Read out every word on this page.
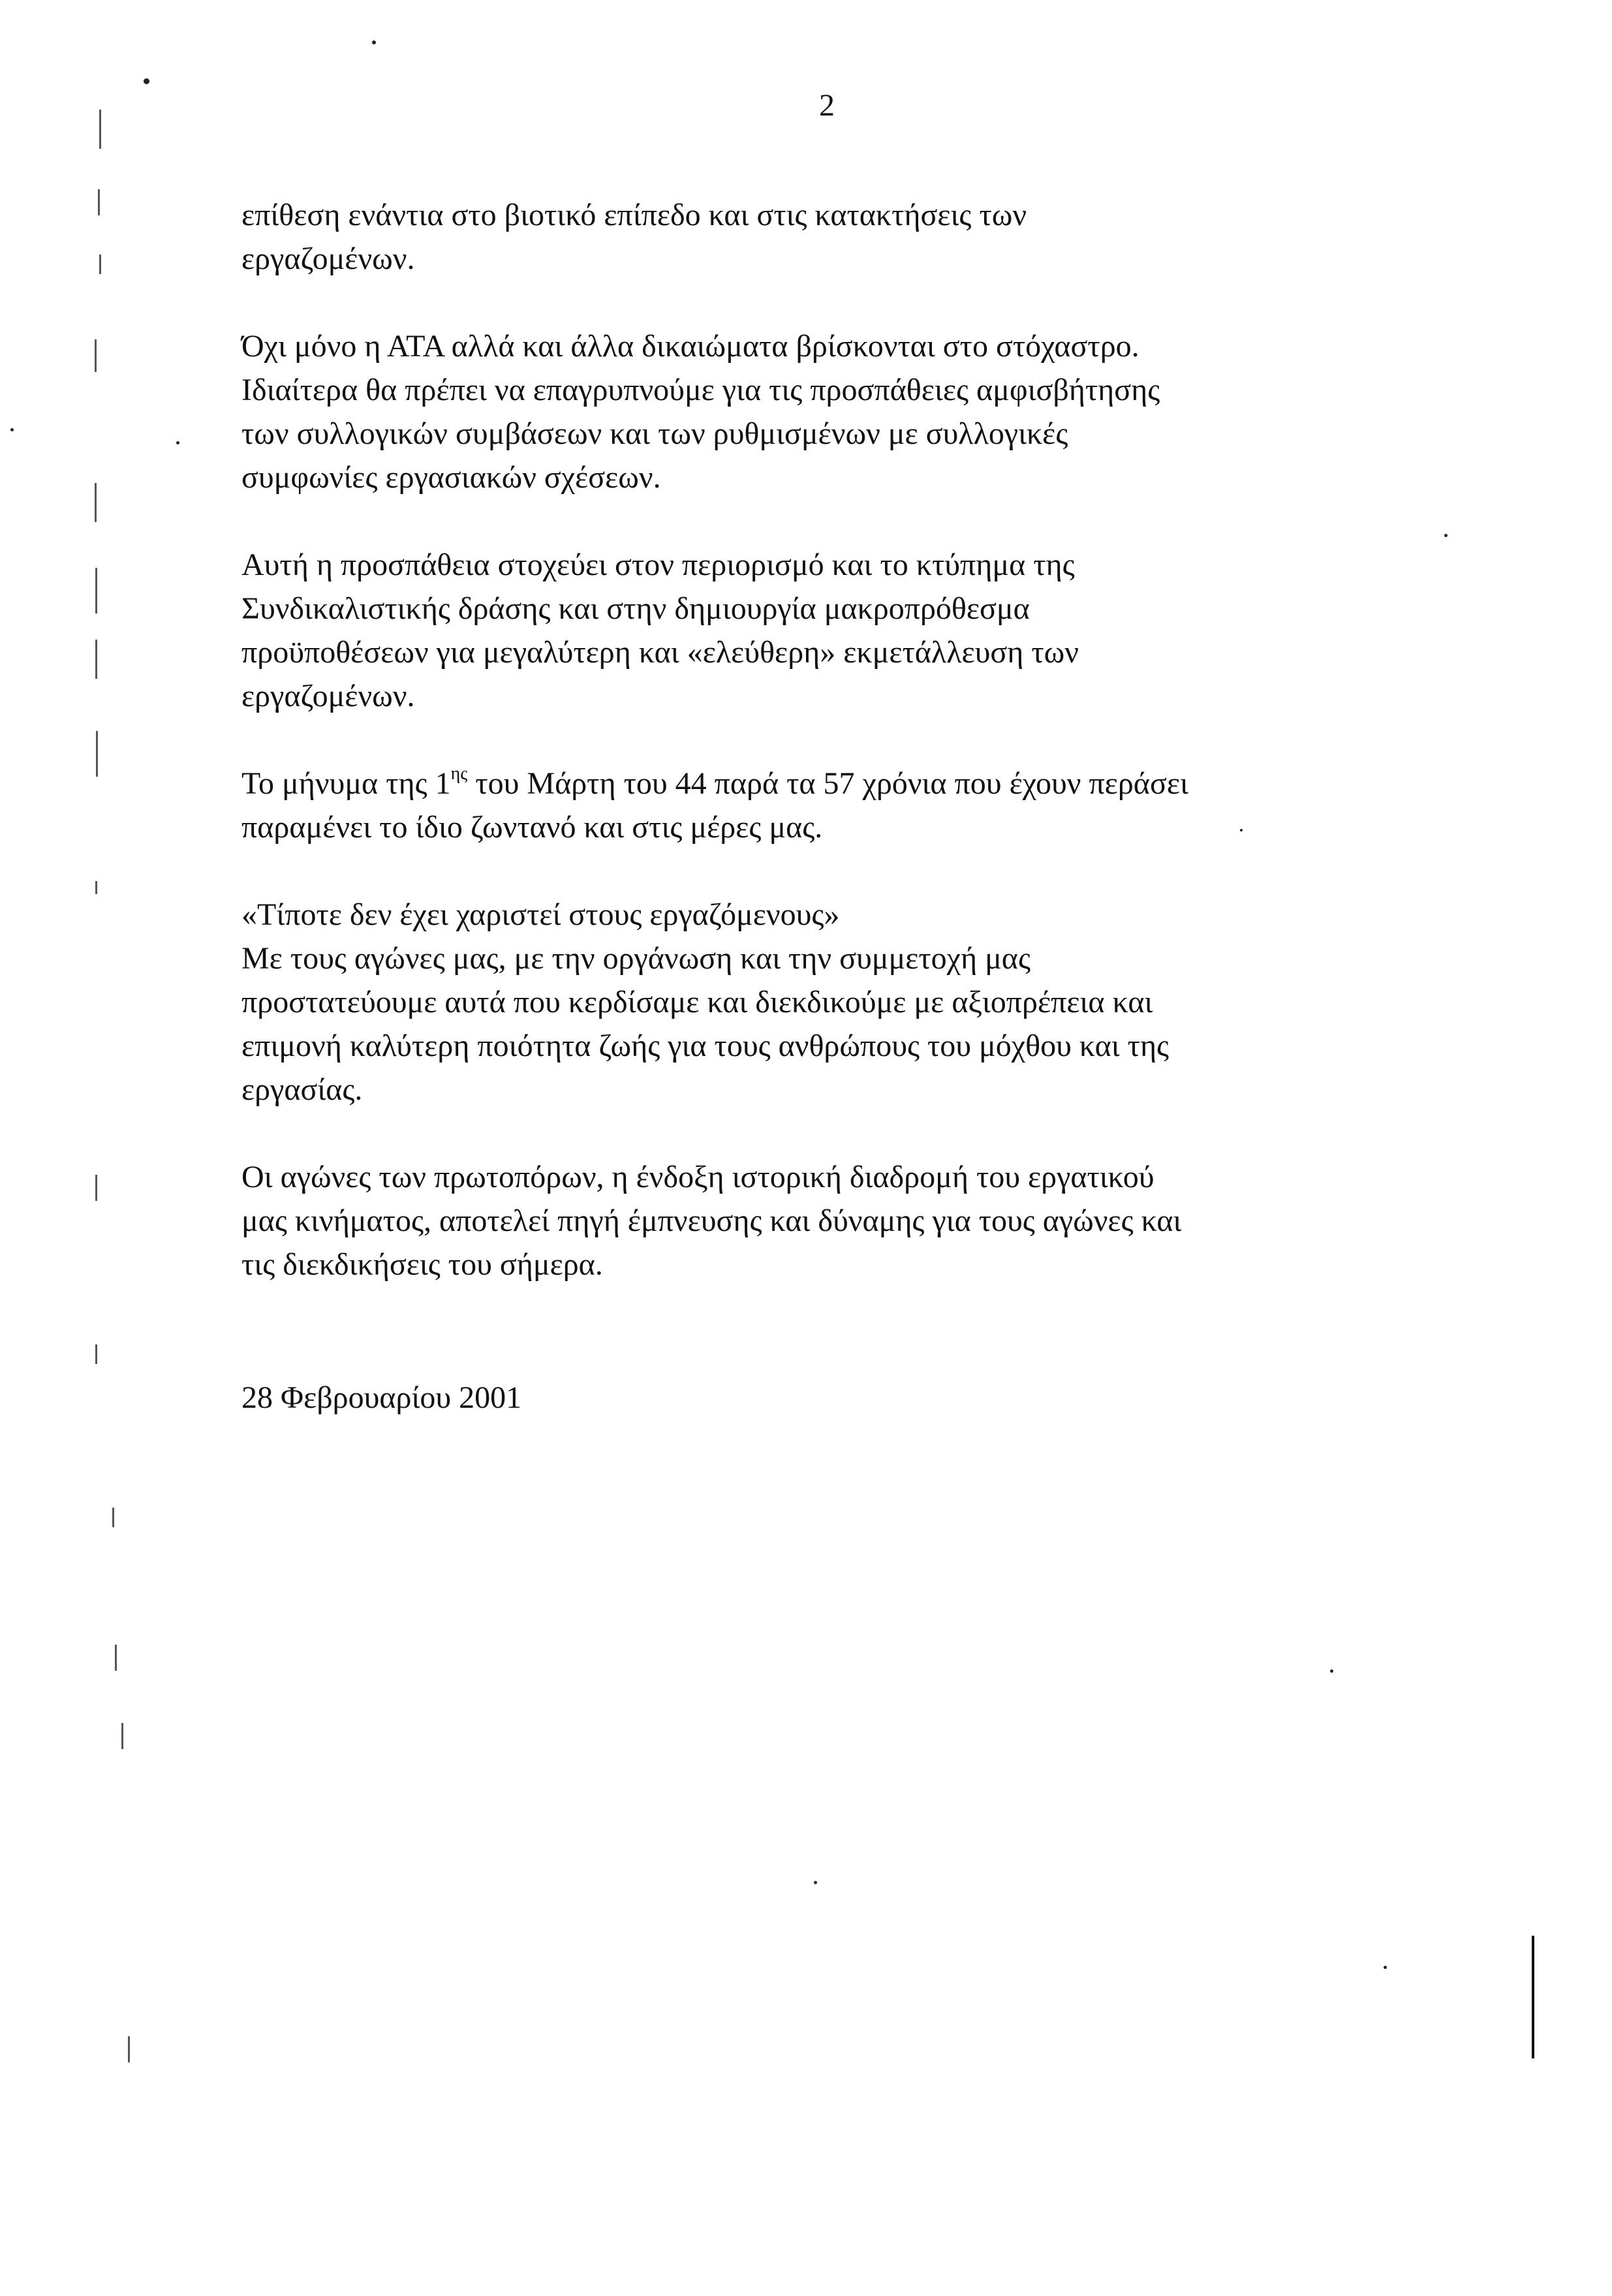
2

επίθεση ενάντια στο βιοτικό επίπεδο και στις κατακτήσεις των
εργαζομένων.

Όχι μόνο η ΑΤΑ αλλά και άλλα δικαιώματα βρίσκονται στο στόχαστρο.
Ιδιαίτερα θα πρέπει να επαγρυπνούμε για τις προσπάθειες αμφισβήτησης
των συλλογικών συμβάσεων και των ρυθμισμένων με συλλογικές
συμφωνίες εργασιακών σχέσεων.

Αυτή η προσπάθεια στοχεύει στον περιορισμό και το κτύπημα της
Συνδικαλιστικής δράσης και στην δημιουργία μακροπρόθεσμα
προϋποθέσεων για μεγαλύτερη και «ελεύθερη» εκμετάλλευση των
εργαζομένων.

Το μήνυμα της $1^{\eta\varsigma}$ του Μάρτη του 44 παρά τα 57 χρόνια που έχουν περάσει
παραμένει το ίδιο ζωντανό και στις μέρες μας.

«Τίποτε δεν έχει χαριστεί στους εργαζόμενους»
Με τους αγώνες μας, με την οργάνωση και την συμμετοχή μας
προστατεύουμε αυτά που κερδίσαμε και διεκδικούμε με αξιοπρέπεια και
επιμονή καλύτερη ποιότητα ζωής για τους ανθρώπους του μόχθου και της
εργασίας.

Οι αγώνες των πρωτοπόρων, η ένδοξη ιστορική διαδρομή του εργατικού
μας κινήματος, αποτελεί πηγή έμπνευσης και δύναμης για τους αγώνες και
τις διεκδικήσεις του σήμερα.

28 Φεβρουαρίου 2001
